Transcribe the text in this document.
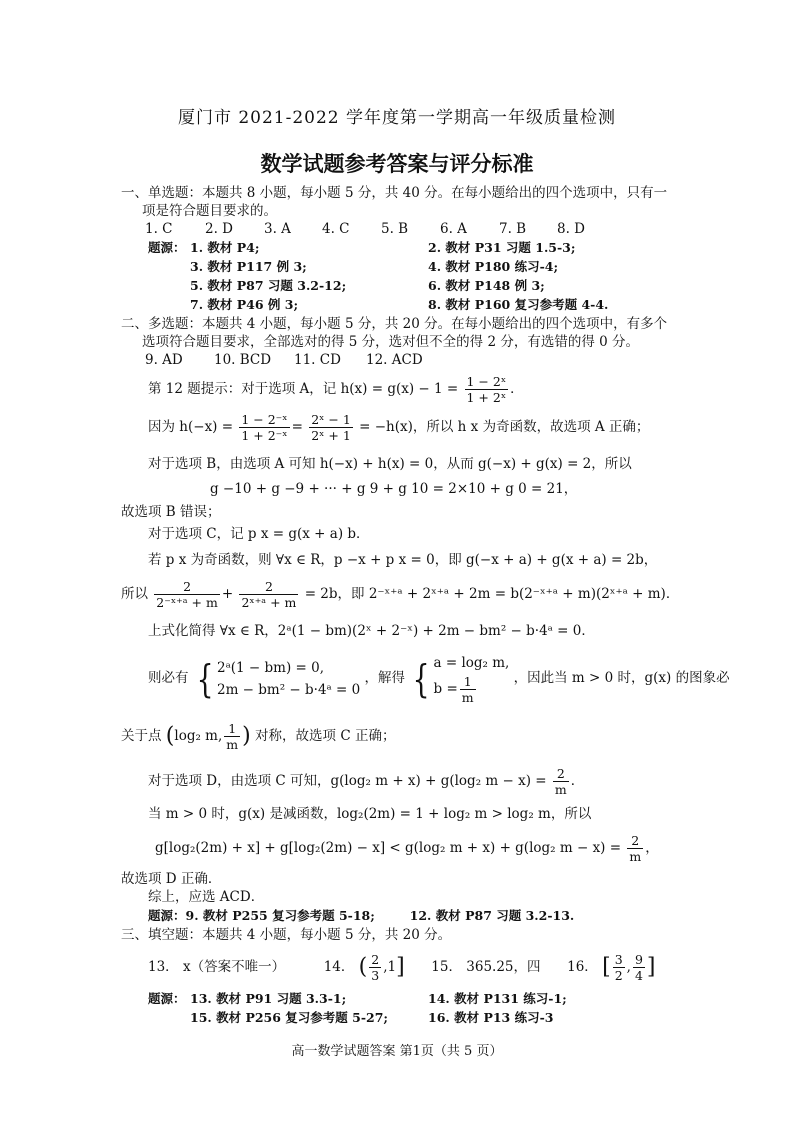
厦门市 2021-2022 学年度第一学期高一年级质量检测
数学试题参考答案与评分标准
一、单选题：本题共 8 小题，每小题 5 分，共 40 分。在每小题给出的四个选项中，只有一
项是符合题目要求的。
1. C 2. D 3. A 4. C 5. B 6. A 7. B 8. D
题源： 1. 教材 P4;	2. 教材 P31 习题 1.5-3;
3. 教材 P117 例 3;	4. 教材 P180 练习-4;
5. 教材 P87 习题 3.2-12;	6. 教材 P148 例 3;
7. 教材 P46 例 3;	8. 教材 P160 复习参考题 4-4.
二、多选题：本题共 4 小题，每小题 5 分，共 20 分。在每小题给出的四个选项中，有多个
选项符合题目要求，全部选对的得 5 分，选对但不全的得 2 分，有选错的得 0 分。
9. AD 10. BCD 11. CD 12. ACD
第 12 题提示：对于选项 A，记 $h(x) = g(x) - 1 = \frac{\text{1 − 2ˣ}}{\text{1 + 2ˣ}}$ ．
因为 $h(-x) = \frac{\text{1 − 2⁻ˣ}}{\text{1 + 2⁻ˣ}} = \frac{\text{2ˣ − 1}}{\text{2ˣ + 1}} = -h(x)$，所以 h x 为奇函数，故选项 A 正确；
对于选项 B，由选项 A 可知 h(−x) + h(x) = 0，从而 g(−x) + g(x) = 2，所以
g −10 + g −9 + ··· + g 9 + g 10 = 2×10 + g 0 = 21，
故选项 B 错误；
对于选项 C，记 p x = g(x + a) b．
若 p x 为奇函数，则 ∀x ∈ R，p −x + p x = 0，即 g(−x + a) + g(x + a) = 2b，
所以 $\frac{2}{\text{2⁻ˣ⁺ᵃ + m}} + \frac{2}{\text{2ˣ⁺ᵃ + m}} = 2b$，即 2⁻ˣ⁺ᵃ + 2ˣ⁺ᵃ + 2m = b(2⁻ˣ⁺ᵃ + m)(2ˣ⁺ᵃ + m)．
上式化简得 ∀x ∈ R，2ᵃ(1 − bm)(2ˣ + 2⁻ˣ) + 2m − bm² − b·4ᵃ = 0．
则必有 { 2ᵃ(1 − bm) = 0,
2m − bm² − b·4ᵃ = 0
，解得 { a = log₂ m,
$b = \frac{1}{m}$	，因此当 m > 0 时，g(x) 的图象必
关于点 (log₂ m, $\frac{1}{m}$ ) 对称，故选项 C 正确；
对于选项 D，由选项 C 可知，g(log₂ m + x) + g(log₂ $m - x) = \frac{2}{m}$ ．
当 m > 0 时，g(x) 是减函数，log₂(2m) = 1 + log₂ m > log₂ m，所以
g[log₂(2m) + x] + g[log₂(2m) − x] < g(log₂ m + x) + g(log₂ $m - x) = \frac{2}{m}$ ，
故选项 D 正确．
综上，应选 ACD．
题源：9. 教材 P255 复习参考题 5-18;        12. 教材 P87 习题 3.2-13.
三、填空题：本题共 4 小题，每小题 5 分，共 20 分。
13． x（答案不唯一）	14． ( $\frac{2}{3} ,1$] 15． 365.25，四 16． [ $\frac{3}{2}$ , $\frac{9}{4}$ ]
题源： 13. 教材 P91 习题 3.3-1;	14. 教材 P131 练习-1;
15. 教材 P256 复习参考题 5-27;	16. 教材 P13 练习-3
高一数学试题答案 第1页（共 5 页）
